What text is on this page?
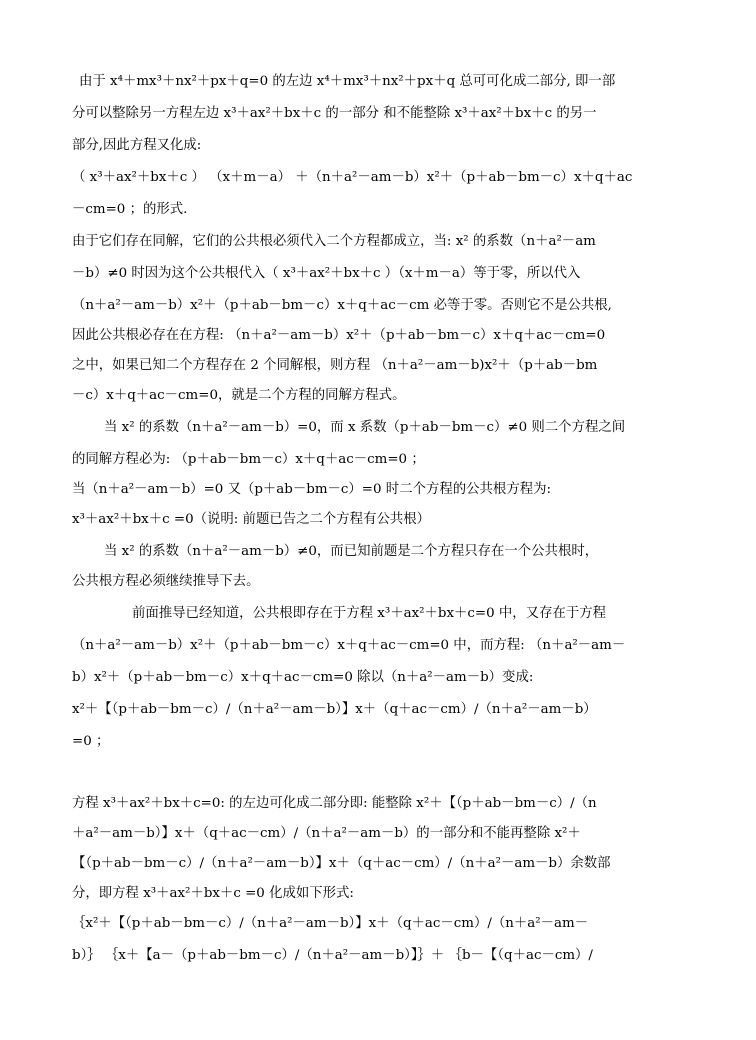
由于 x⁴＋mx³＋nx²＋px＋q=0 的左边 x⁴＋mx³＋nx²＋px＋q 总可可化成二部分, 即一部
分可以整除另一方程左边 x³＋ax²＋bx＋c 的一部分 和不能整除 x³＋ax²＋bx＋c 的另一
部分,因此方程又化成:
（ x³＋ax²＋bx＋c ） （x＋m－a） ＋（n＋a²－am－b）x²＋（p＋ab－bm－c）x＋q＋ac
－cm=0 ；的形式.
由于它们存在同解，它们的公共根必须代入二个方程都成立，当: x² 的系数（n＋a²－am
－b）≠0 时因为这个公共根代入（ x³＋ax²＋bx＋c ）（x＋m－a）等于零，所以代入
（n＋a²－am－b）x²＋（p＋ab－bm－c）x＋q＋ac－cm 必等于零。否则它不是公共根,
因此公共根必存在在方程: （n＋a²－am－b）x²＋（p＋ab－bm－c）x＋q＋ac－cm=0
之中，如果已知二个方程存在 2 个同解根，则方程 （n＋a²－am－b)x²＋（p＋ab－bm
－c）x＋q＋ac－cm=0，就是二个方程的同解方程式。
当 x² 的系数（n＋a²－am－b）=0，而 x 系数（p＋ab－bm－c）≠0 则二个方程之间
的同解方程必为: （p＋ab－bm－c）x＋q＋ac－cm=0 ；
当（n＋a²－am－b）=0 又（p＋ab－bm－c）=0 时二个方程的公共根方程为:
x³＋ax²＋bx＋c =0（说明: 前题已告之二个方程有公共根）
当 x² 的系数（n＋a²－am－b）≠0，而已知前题是二个方程只存在一个公共根时，
公共根方程必须继续推导下去。
前面推导已经知道，公共根即存在于方程 x³＋ax²＋bx＋c=0 中，又存在于方程
（n＋a²－am－b）x²＋（p＋ab－bm－c）x＋q＋ac－cm=0 中，而方程: （n＋a²－am－
b）x²＋（p＋ab－bm－c）x＋q＋ac－cm=0 除以（n＋a²－am－b）变成:
x²＋【（p＋ab－bm－c）/（n＋a²－am－b）】x＋（q＋ac－cm）/（n＋a²－am－b）
=0 ；
方程 x³＋ax²＋bx＋c=0: 的左边可化成二部分即: 能整除 x²＋【（p＋ab－bm－c）/（n
＋a²－am－b）】x＋（q＋ac－cm）/（n＋a²－am－b）的一部分和不能再整除 x²＋
【（p＋ab－bm－c）/（n＋a²－am－b）】x＋（q＋ac－cm）/（n＋a²－am－b）余数部
分，即方程 x³＋ax²＋bx＋c =0 化成如下形式:
｛x²＋【（p＋ab－bm－c）/（n＋a²－am－b）】x＋（q＋ac－cm）/（n＋a²－am－
b）｝ ｛x＋【a－（p＋ab－bm－c）/（n＋a²－am－b）】｝＋ ｛b－【（q＋ac－cm）/
